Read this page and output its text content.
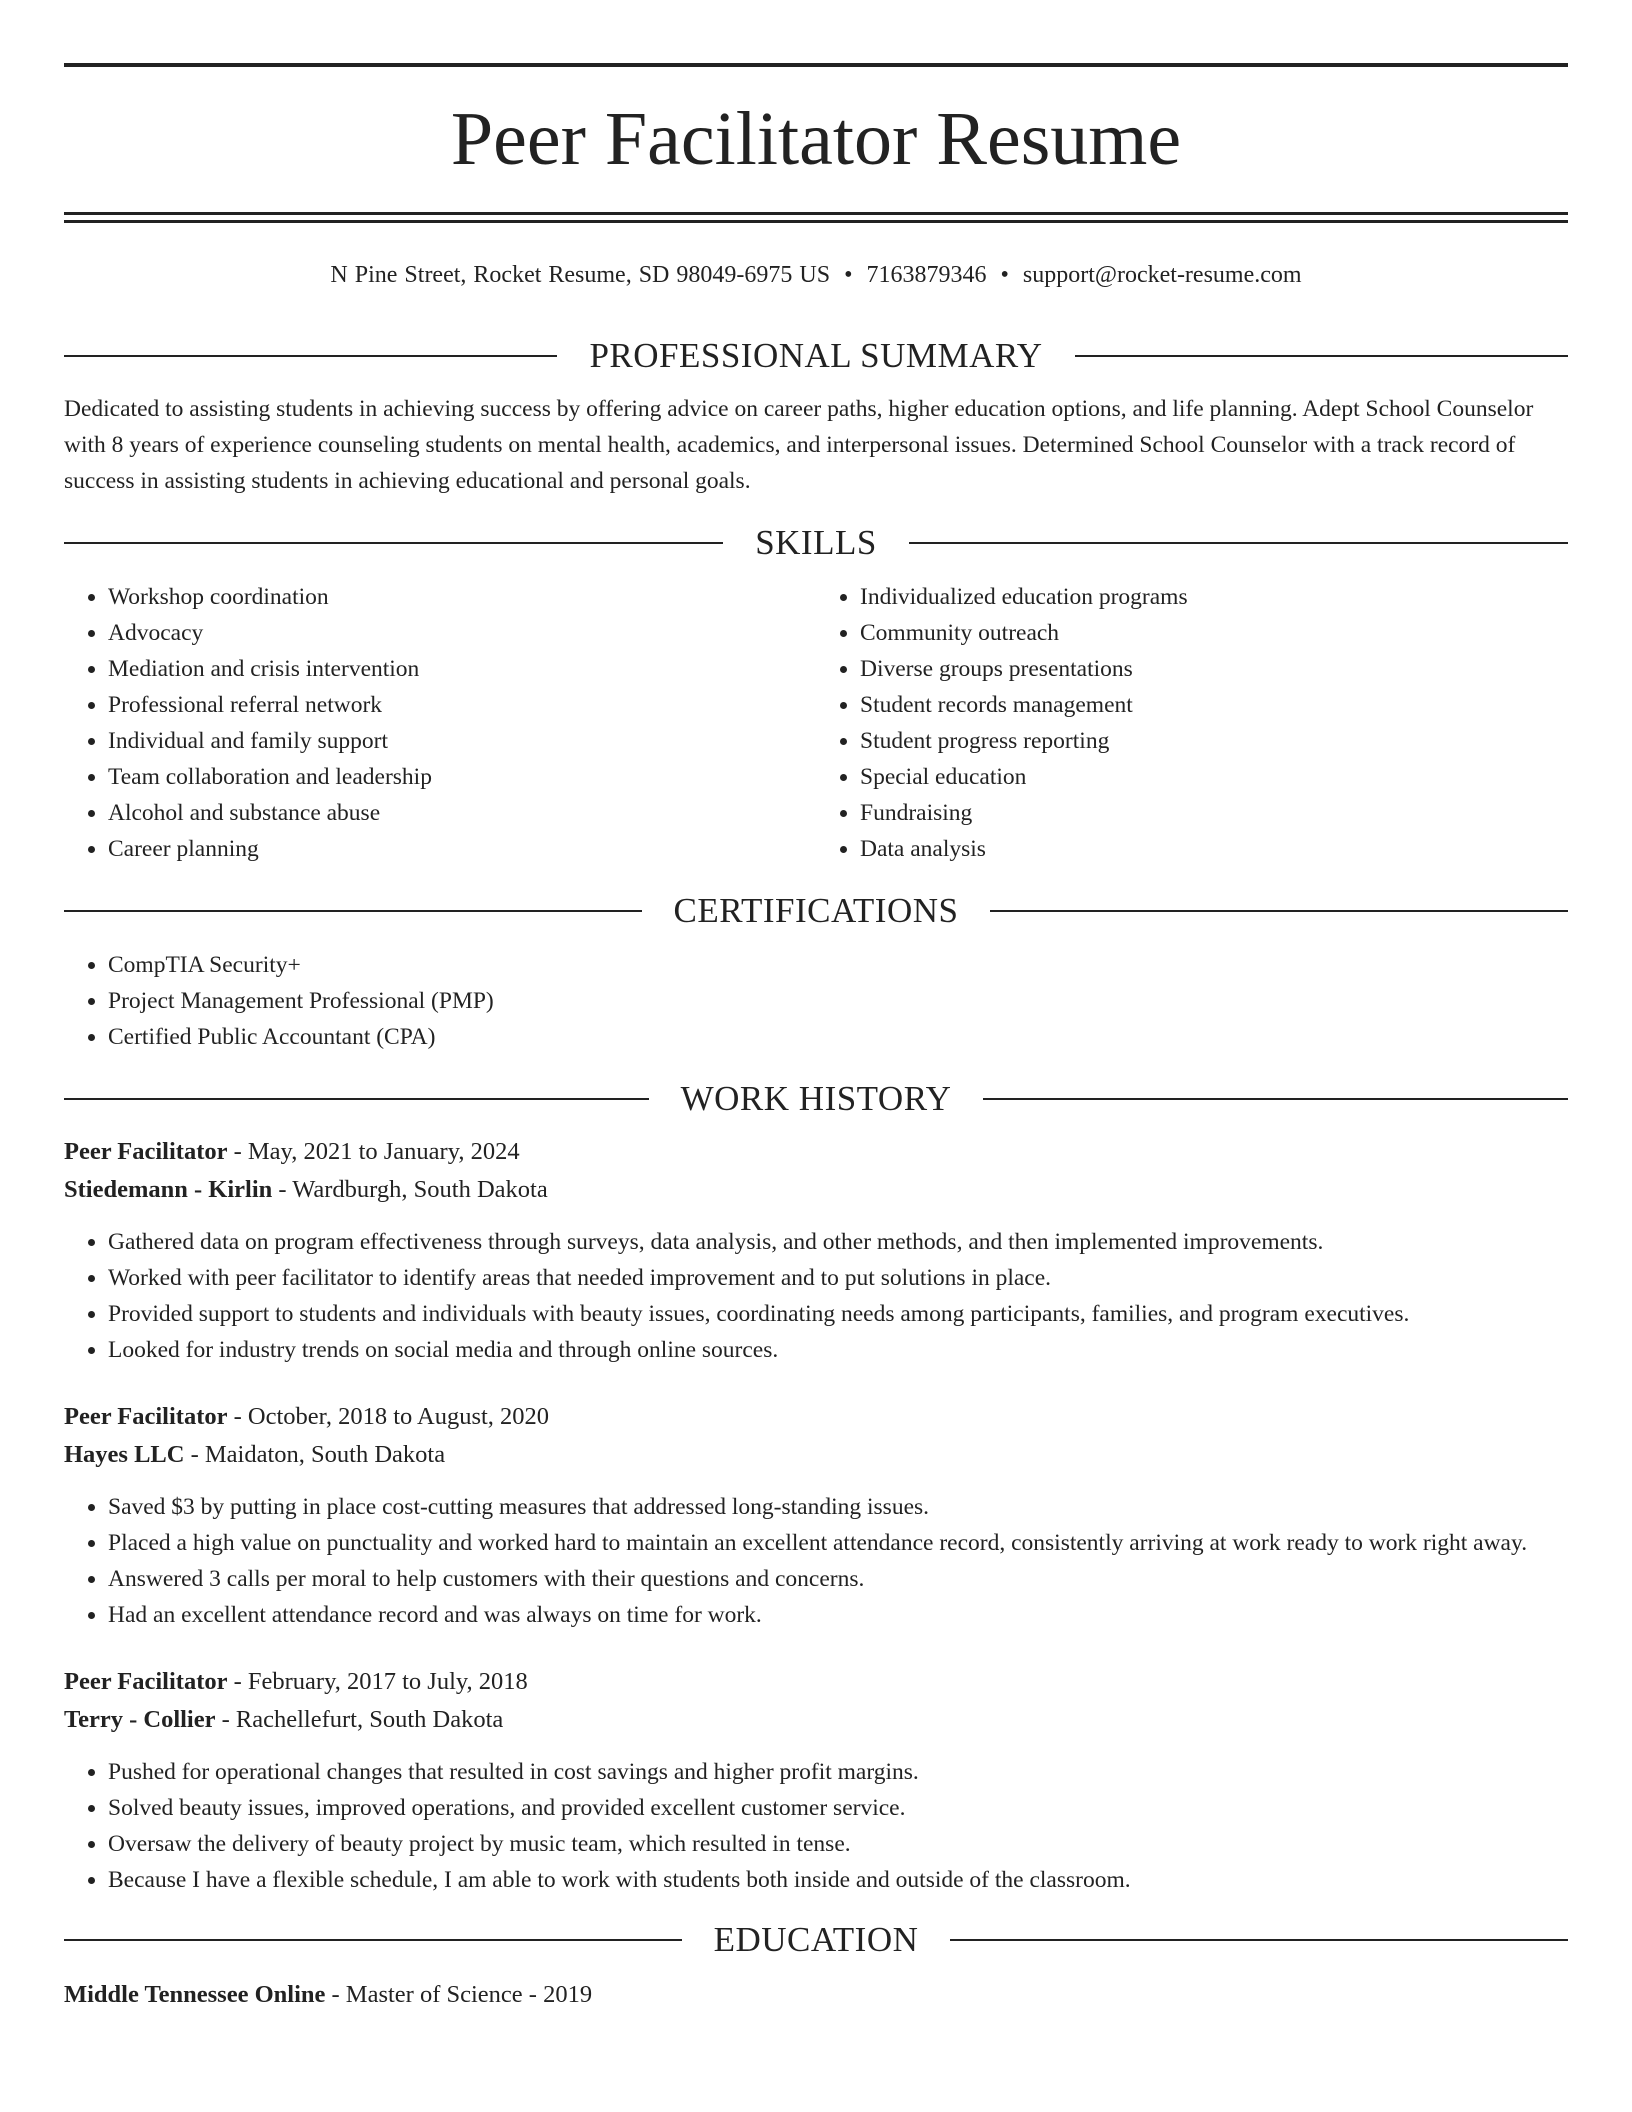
Peer Facilitator Resume
N Pine Street, Rocket Resume, SD 98049-6975 US • 7163879346 • support@rocket-resume.com
PROFESSIONAL SUMMARY
Dedicated to assisting students in achieving success by offering advice on career paths, higher education options, and life planning. Adept School Counselor with 8 years of experience counseling students on mental health, academics, and interpersonal issues. Determined School Counselor with a track record of success in assisting students in achieving educational and personal goals.
SKILLS
• Workshop coordination
• Advocacy
• Mediation and crisis intervention
• Professional referral network
• Individual and family support
• Team collaboration and leadership
• Alcohol and substance abuse
• Career planning
• Individualized education programs
• Community outreach
• Diverse groups presentations
• Student records management
• Student progress reporting
• Special education
• Fundraising
• Data analysis
CERTIFICATIONS
• CompTIA Security+
• Project Management Professional (PMP)
• Certified Public Accountant (CPA)
WORK HISTORY
Peer Facilitator - May, 2021 to January, 2024
Stiedemann - Kirlin - Wardburgh, South Dakota
• Gathered data on program effectiveness through surveys, data analysis, and other methods, and then implemented improvements.
• Worked with peer facilitator to identify areas that needed improvement and to put solutions in place.
• Provided support to students and individuals with beauty issues, coordinating needs among participants, families, and program executives.
• Looked for industry trends on social media and through online sources.
Peer Facilitator - October, 2018 to August, 2020
Hayes LLC - Maidaton, South Dakota
• Saved $3 by putting in place cost-cutting measures that addressed long-standing issues.
• Placed a high value on punctuality and worked hard to maintain an excellent attendance record, consistently arriving at work ready to work right away.
• Answered 3 calls per moral to help customers with their questions and concerns.
• Had an excellent attendance record and was always on time for work.
Peer Facilitator - February, 2017 to July, 2018
Terry - Collier - Rachellefurt, South Dakota
• Pushed for operational changes that resulted in cost savings and higher profit margins.
• Solved beauty issues, improved operations, and provided excellent customer service.
• Oversaw the delivery of beauty project by music team, which resulted in tense.
• Because I have a flexible schedule, I am able to work with students both inside and outside of the classroom.
EDUCATION
Middle Tennessee Online - Master of Science - 2019
